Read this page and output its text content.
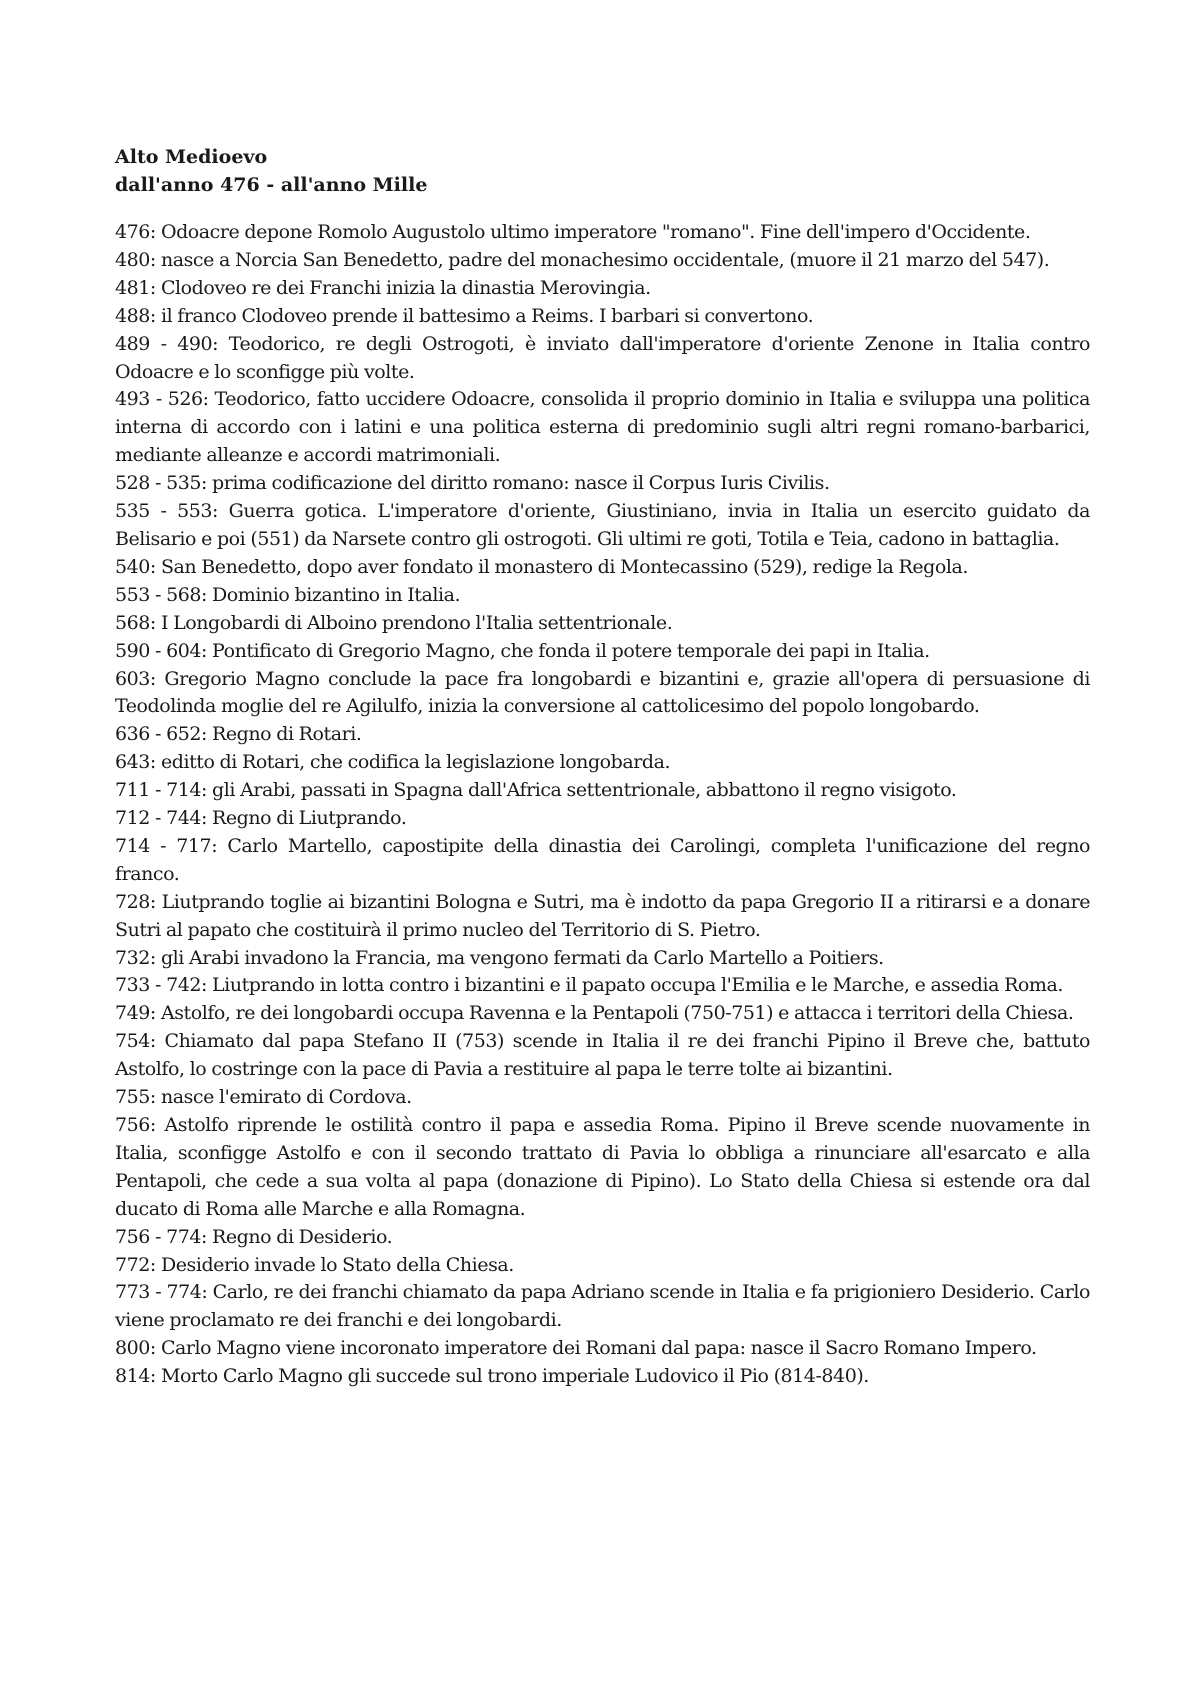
Alto Medioevo

dall'anno 476 - all'anno Mille

476: Odoacre depone Romolo Augustolo ultimo imperatore "romano". Fine dell'impero d'Occidente.

480: nasce a Norcia San Benedetto, padre del monachesimo occidentale, (muore il 21 marzo del 547).

481: Clodoveo re dei Franchi inizia la dinastia Merovingia.

488: il franco Clodoveo prende il battesimo a Reims. I barbari si convertono.

489 - 490: Teodorico, re degli Ostrogoti, è inviato dall'imperatore d'oriente Zenone in Italia contro Odoacre e lo sconfigge più volte.

493 - 526: Teodorico, fatto uccidere Odoacre, consolida il proprio dominio in Italia e sviluppa una politica interna di accordo con i latini e una politica esterna di predominio sugli altri regni romano-barbarici, mediante alleanze e accordi matrimoniali.

528 - 535: prima codificazione del diritto romano: nasce il Corpus Iuris Civilis.

535 - 553: Guerra gotica. L'imperatore d'oriente, Giustiniano, invia in Italia un esercito guidato da Belisario e poi (551) da Narsete contro gli ostrogoti. Gli ultimi re goti, Totila e Teia, cadono in battaglia.

540: San Benedetto, dopo aver fondato il monastero di Montecassino (529), redige la Regola.

553 - 568: Dominio bizantino in Italia.

568: I Longobardi di Alboino prendono l'Italia settentrionale.

590 - 604: Pontificato di Gregorio Magno, che fonda il potere temporale dei papi in Italia.

603: Gregorio Magno conclude la pace fra longobardi e bizantini e, grazie all'opera di persuasione di Teodolinda moglie del re Agilulfo, inizia la conversione al cattolicesimo del popolo longobardo.

636 - 652: Regno di Rotari.

643: editto di Rotari, che codifica la legislazione longobarda.

711 - 714: gli Arabi, passati in Spagna dall'Africa settentrionale, abbattono il regno visigoto.

712 - 744: Regno di Liutprando.

714 - 717: Carlo Martello, capostipite della dinastia dei Carolingi, completa l'unificazione del regno franco.

728: Liutprando toglie ai bizantini Bologna e Sutri, ma è indotto da papa Gregorio II a ritirarsi e a donare Sutri al papato che costituirà il primo nucleo del Territorio di S. Pietro.

732: gli Arabi invadono la Francia, ma vengono fermati da Carlo Martello a Poitiers.

733 - 742: Liutprando in lotta contro i bizantini e il papato occupa l'Emilia e le Marche, e assedia Roma.

749: Astolfo, re dei longobardi occupa Ravenna e la Pentapoli (750-751) e attacca i territori della Chiesa.

754: Chiamato dal papa Stefano II (753) scende in Italia il re dei franchi Pipino il Breve che, battuto Astolfo, lo costringe con la pace di Pavia a restituire al papa le terre tolte ai bizantini.

755: nasce l'emirato di Cordova.

756: Astolfo riprende le ostilità contro il papa e assedia Roma. Pipino il Breve scende nuovamente in Italia, sconfigge Astolfo e con il secondo trattato di Pavia lo obbliga a rinunciare all'esarcato e alla Pentapoli, che cede a sua volta al papa (donazione di Pipino). Lo Stato della Chiesa si estende ora dal ducato di Roma alle Marche e alla Romagna.

756 - 774: Regno di Desiderio.

772: Desiderio invade lo Stato della Chiesa.

773 - 774: Carlo, re dei franchi chiamato da papa Adriano scende in Italia e fa prigioniero Desiderio. Carlo viene proclamato re dei franchi e dei longobardi.

800: Carlo Magno viene incoronato imperatore dei Romani dal papa: nasce il Sacro Romano Impero.

814: Morto Carlo Magno gli succede sul trono imperiale Ludovico il Pio (814-840).
